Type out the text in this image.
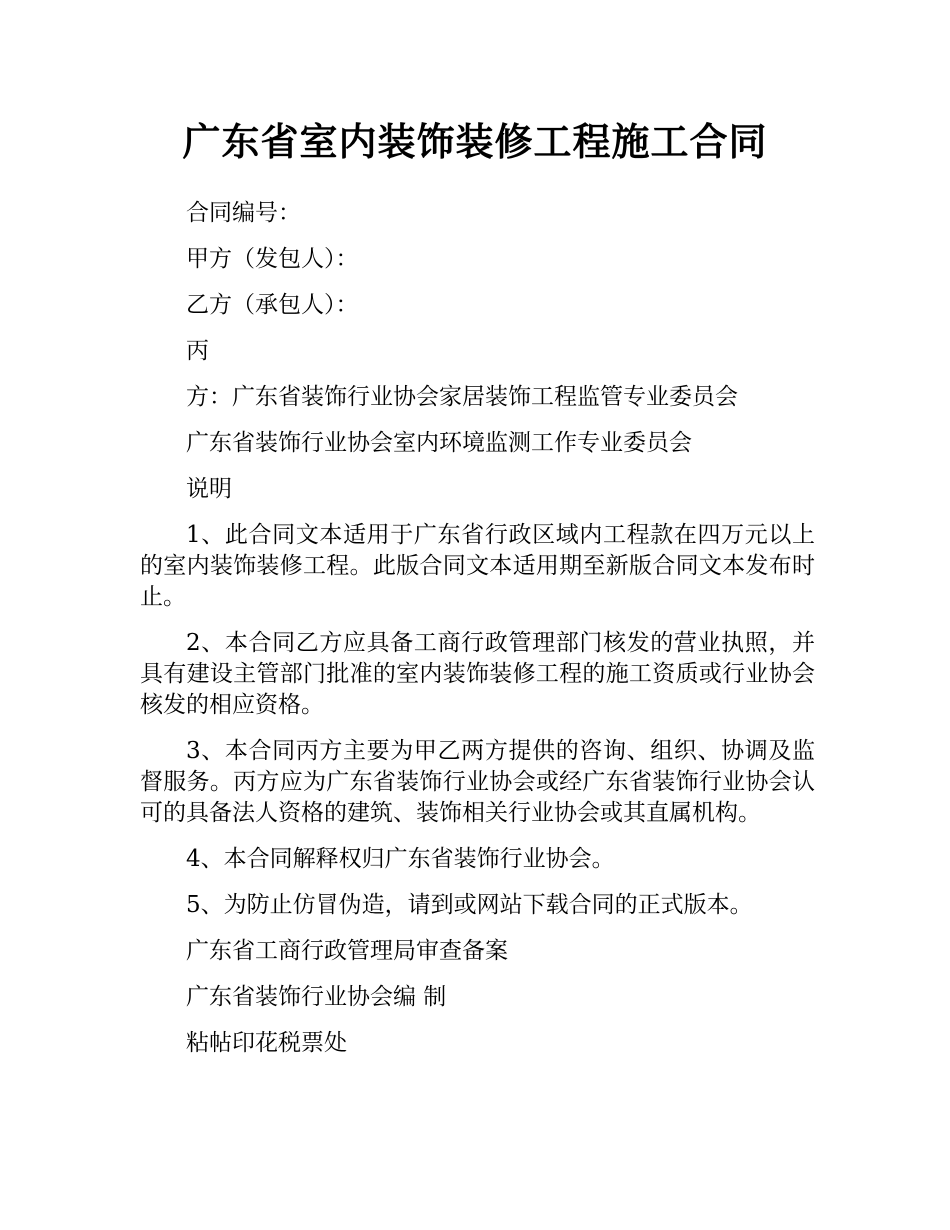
广东省室内装饰装修工程施工合同
合同编号：
甲方（发包人）：
乙方（承包人）：
丙
方：广东省装饰行业协会家居装饰工程监管专业委员会
广东省装饰行业协会室内环境监测工作专业委员会
说明

1、此合同文本适用于广东省行政区域内工程款在四万元以上的室内装饰装修工程。此版合同文本适用期至新版合同文本发布时止。

2、本合同乙方应具备工商行政管理部门核发的营业执照，并具有建设主管部门批准的室内装饰装修工程的施工资质或行业协会核发的相应资格。

3、本合同丙方主要为甲乙两方提供的咨询、组织、协调及监督服务。丙方应为广东省装饰行业协会或经广东省装饰行业协会认可的具备法人资格的建筑、装饰相关行业协会或其直属机构。

4、本合同解释权归广东省装饰行业协会。
5、为防止仿冒伪造，请到或网站下载合同的正式版本。
广东省工商行政管理局审查备案
广东省装饰行业协会编 制
粘帖印花税票处
